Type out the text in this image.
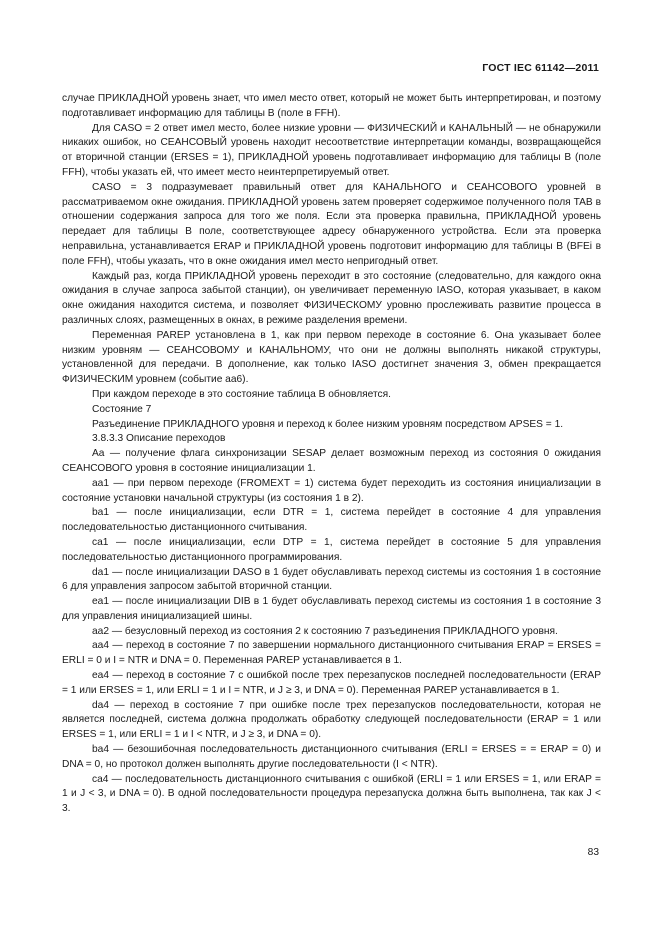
ГОСТ IEC 61142—2011

случае ПРИКЛАДНОЙ уровень знает, что имел место ответ, который не может быть интерпретирован, и поэтому подготавливает информацию для таблицы B (поле в FFH).

Для CASO = 2 ответ имел место, более низкие уровни — ФИЗИЧЕСКИЙ и КАНАЛЬНЫЙ — не обнаружили никаких ошибок, но СЕАНСОВЫЙ уровень находит несоответствие интерпретации команды, возвращающейся от вторичной станции (ERSES = 1), ПРИКЛАДНОЙ уровень подготавливает информацию для таблицы B (поле FFH), чтобы указать ей, что имеет место неинтерпретируемый ответ.

CASO = 3 подразумевает правильный ответ для КАНАЛЬНОГО и СЕАНСОВОГО уровней в рассматриваемом окне ожидания. ПРИКЛАДНОЙ уровень затем проверяет содержимое полученного поля TAB в отношении содержания запроса для того же поля. Если эта проверка правильна, ПРИКЛАДНОЙ уровень передает для таблицы B поле, соответствующее адресу обнаруженного устройства. Если эта проверка неправильна, устанавливается ERAP и ПРИКЛАДНОЙ уровень подготовит информацию для таблицы B (BFEi в поле FFH), чтобы указать, что в окне ожидания имел место непригодный ответ.

Каждый раз, когда ПРИКЛАДНОЙ уровень переходит в это состояние (следовательно, для каждого окна ожидания в случае запроса забытой станции), он увеличивает переменную IASO, которая указывает, в каком окне ожидания находится система, и позволяет ФИЗИЧЕСКОМУ уровню прослеживать развитие процесса в различных слоях, размещенных в окнах, в режиме разделения времени.

Переменная PAREP установлена в 1, как при первом переходе в состояние 6. Она указывает более низким уровням — СЕАНСОВОМУ и КАНАЛЬНОМУ, что они не должны выполнять никакой структуры, установленной для передачи. В дополнение, как только IASO достигнет значения 3, обмен прекращается ФИЗИЧЕСКИМ уровнем (событие aa6).

При каждом переходе в это состояние таблица B обновляется.

Состояние 7

Разъединение ПРИКЛАДНОГО уровня и переход к более низким уровням посредством APSES = 1.

3.8.3.3 Описание переходов

Aa — получение флага синхронизации SESAP делает возможным переход из состояния 0 ожидания СЕАНСОВОГО уровня в состояние инициализации 1.

aa1 — при первом переходе (FROMEXT = 1) система будет переходить из состояния инициализации в состояние установки начальной структуры (из состояния 1 в 2).

ba1 — после инициализации, если DTR = 1, система перейдет в состояние 4 для управления последовательностью дистанционного считывания.

ca1 — после инициализации, если DTP = 1, система перейдет в состояние 5 для управления последовательностью дистанционного программирования.

da1 — после инициализации DASO в 1 будет обуславливать переход системы из состояния 1 в состояние 6 для управления запросом забытой вторичной станции.

ea1 — после инициализации DIB в 1 будет обуславливать переход системы из состояния 1 в состояние 3 для управления инициализацией шины.

aa2 — безусловный переход из состояния 2 к состоянию 7 разъединения ПРИКЛАДНОГО уровня.

aa4 — переход в состояние 7 по завершении нормального дистанционного считывания ERAP = ERSES = ERLI = 0 и I = NTR и DNA = 0. Переменная PAREP устанавливается в 1.

ea4 — переход в состояние 7 с ошибкой после трех перезапусков последней последовательности (ERAP = 1 или ERSES = 1, или ERLI = 1 и I = NTR, и J ≥ 3, и DNA = 0). Переменная PAREP устанавливается в 1.

da4 — переход в состояние 7 при ошибке после трех перезапусков последовательности, которая не является последней, система должна продолжать обработку следующей последовательности (ERAP = 1 или ERSES = 1, или ERLI = 1 и I < NTR, и J ≥ 3, и DNA = 0).

ba4 — безошибочная последовательность дистанционного считывания (ERLI = ERSES = = ERAP = 0) и DNA = 0, но протокол должен выполнять другие последовательности (I < NTR).

ca4 — последовательность дистанционного считывания с ошибкой (ERLI = 1 или ERSES = 1, или ERAP = 1 и J < 3, и DNA = 0). В одной последовательности процедура перезапуска должна быть выполнена, так как J < 3.

83
